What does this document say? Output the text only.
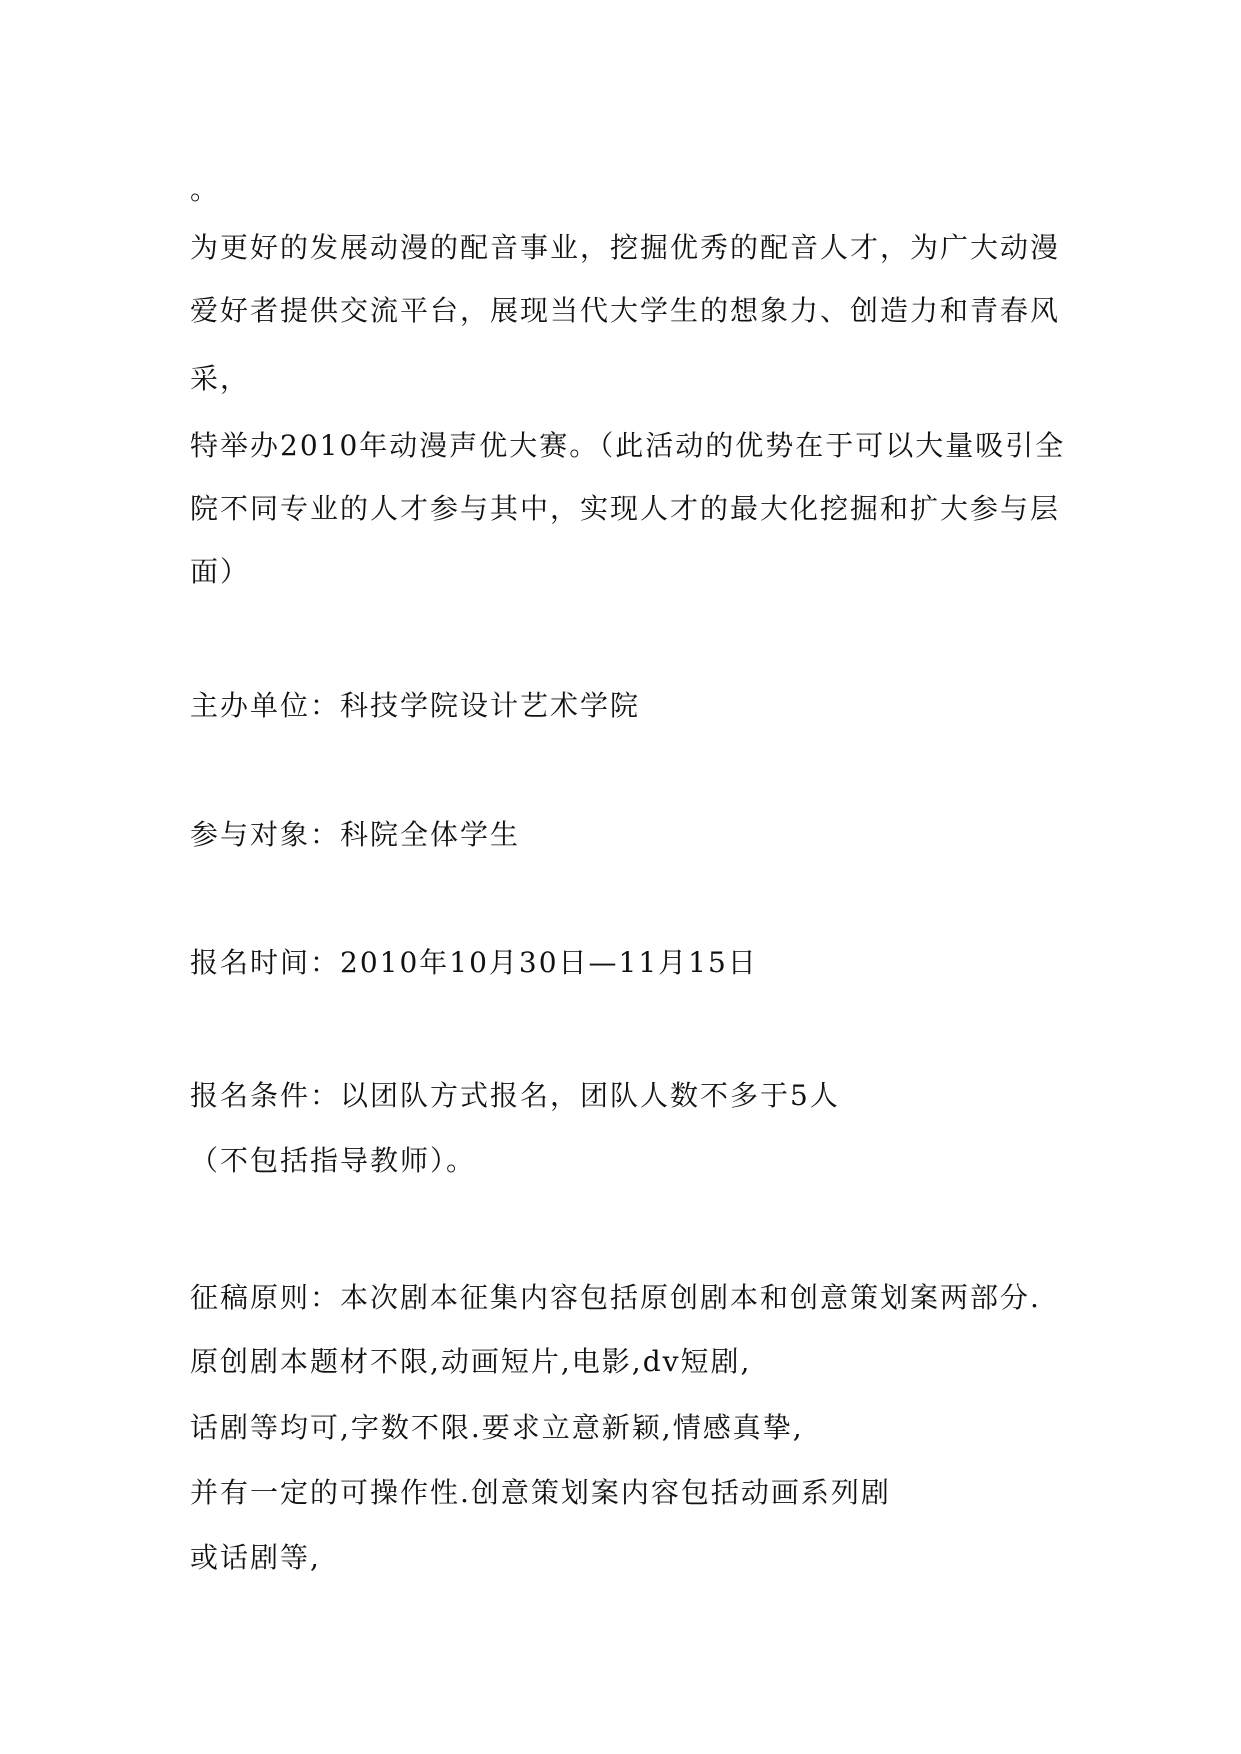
。
为更好的发展动漫的配音事业，挖掘优秀的配音人才，为广大动漫
爱好者提供交流平台，展现当代大学生的想象力、创造力和青春风
采，
特举办2010年动漫声优大赛。（此活动的优势在于可以大量吸引全
院不同专业的人才参与其中，实现人才的最大化挖掘和扩大参与层
面）
主办单位：科技学院设计艺术学院
参与对象：科院全体学生
报名时间：2010年10月30日—11月15日
报名条件：以团队方式报名，团队人数不多于5人
（不包括指导教师）。
征稿原则：本次剧本征集内容包括原创剧本和创意策划案两部分.
原创剧本题材不限,动画短片,电影,dv短剧,
话剧等均可,字数不限.要求立意新颖,情感真挚,
并有一定的可操作性.创意策划案内容包括动画系列剧
或话剧等,
